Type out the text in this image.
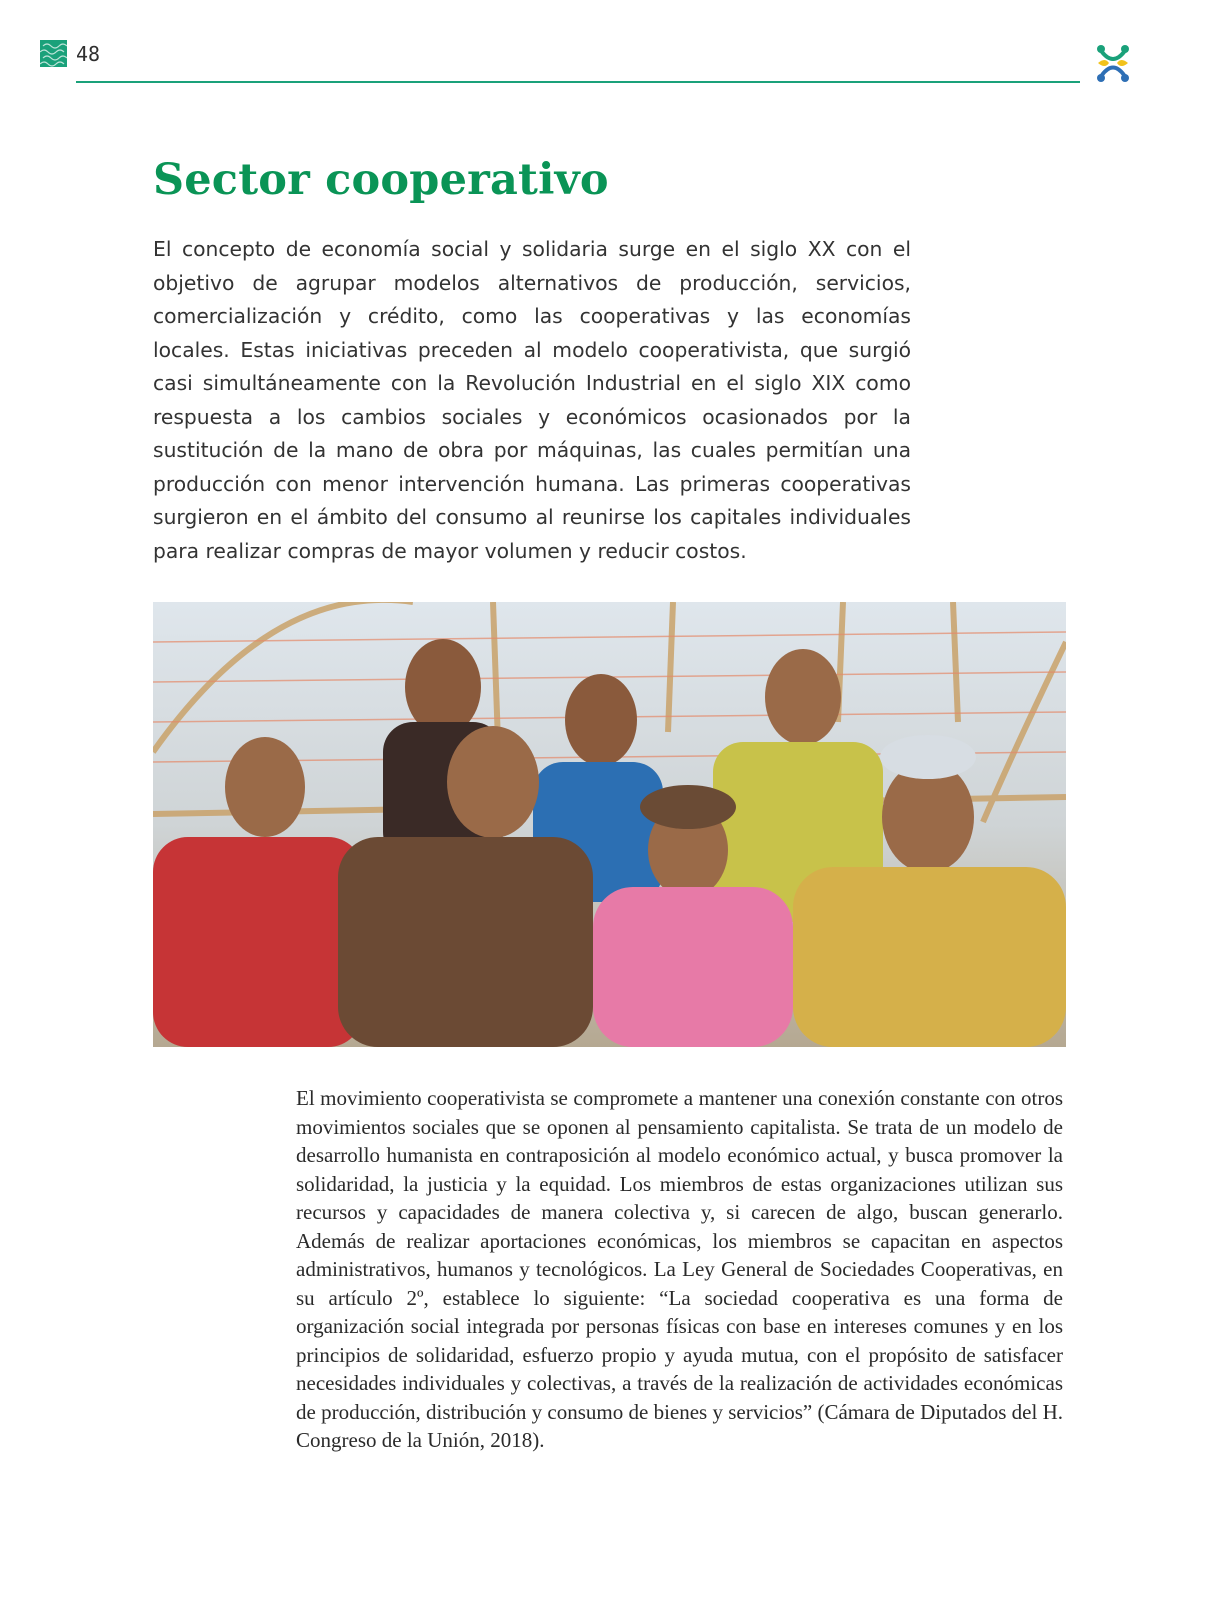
48
Sector cooperativo

El concepto de economía social y solidaria surge en el siglo XX con el objetivo de agrupar modelos alternativos de producción, servicios, comercialización y crédito, como las cooperativas y las economías locales. Estas iniciativas preceden al modelo cooperativista, que surgió casi simultáneamente con la Revolución Industrial en el siglo XIX como respuesta a los cambios sociales y económicos ocasionados por la sustitución de la mano de obra por máquinas, las cuales permitían una producción con menor intervención humana. Las primeras cooperativas surgieron en el ámbito del consumo al reunirse los capitales individuales para realizar compras de mayor volumen y reducir costos.

El movimiento cooperativista se compromete a mantener una conexión constante con otros movimientos sociales que se oponen al pensamiento capitalista. Se trata de un modelo de desarrollo humanista en contraposición al modelo económico actual, y busca promover la solidaridad, la justicia y la equidad. Los miembros de estas organizaciones utilizan sus recursos y capacidades de manera colectiva y, si carecen de algo, buscan generarlo. Además de realizar aportaciones económicas, los miembros se capacitan en aspectos administrativos, humanos y tecnológicos. La Ley General de Sociedades Cooperativas, en su artículo 2º, establece lo siguiente: “La sociedad cooperativa es una forma de organización social integrada por personas físicas con base en intereses comunes y en los principios de solidaridad, esfuerzo propio y ayuda mutua, con el propósito de satisfacer necesidades individuales y colectivas, a través de la realización de actividades económicas de producción, distribución y consumo de bienes y servicios” (Cámara de Diputados del H. Congreso de la Unión, 2018).
